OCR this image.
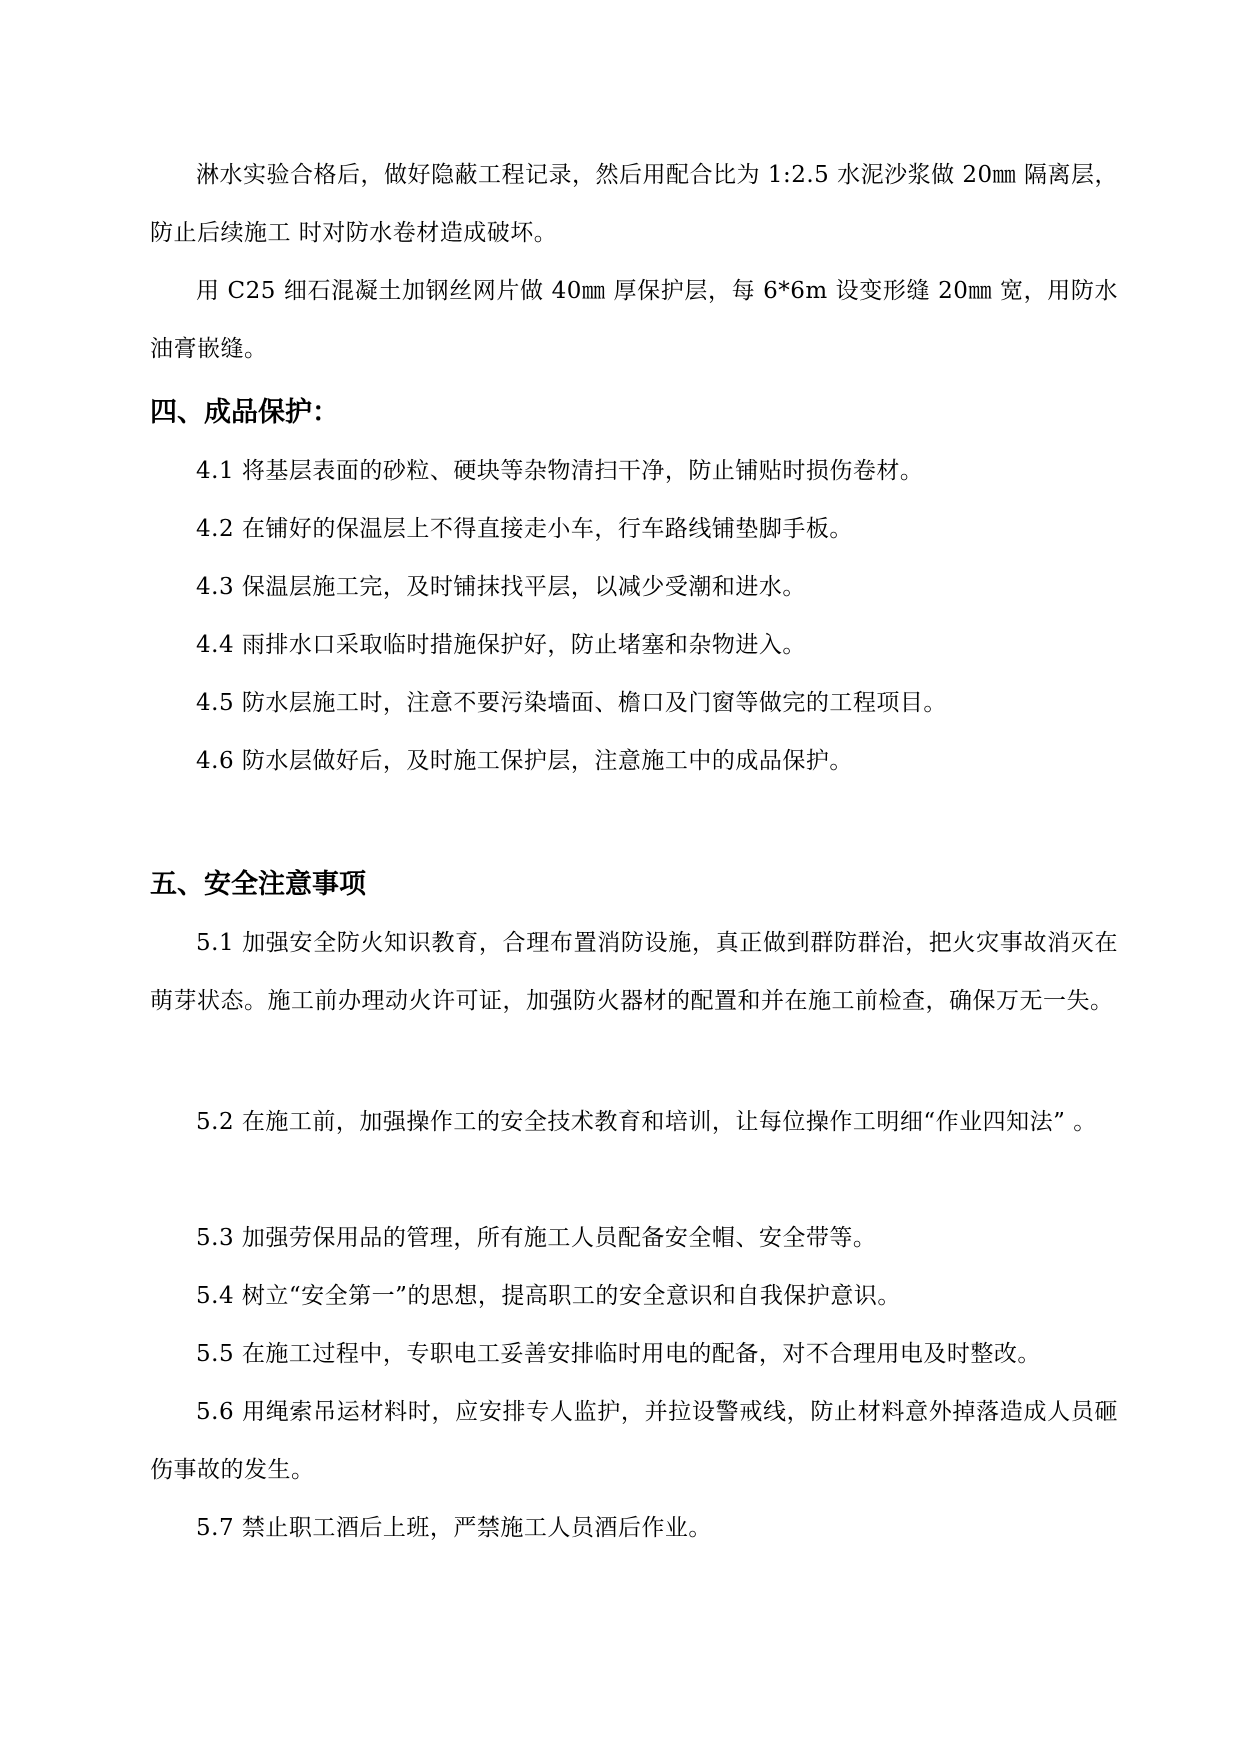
淋水实验合格后，做好隐蔽工程记录，然后用配合比为 1:2.5 水泥沙浆做 20㎜ 隔离层，防止后续施工 时对防水卷材造成破坏。

用 C25 细石混凝土加钢丝网片做 40㎜ 厚保护层，每 6*6m 设变形缝 20㎜ 宽，用防水油膏嵌缝。

四、成品保护：

4.1 将基层表面的砂粒、硬块等杂物清扫干净，防止铺贴时损伤卷材。

4.2 在铺好的保温层上不得直接走小车，行车路线铺垫脚手板。

4.3 保温层施工完，及时铺抹找平层，以减少受潮和进水。

4.4 雨排水口采取临时措施保护好，防止堵塞和杂物进入。

4.5 防水层施工时，注意不要污染墙面、檐口及门窗等做完的工程项目。

4.6 防水层做好后，及时施工保护层，注意施工中的成品保护。

五、安全注意事项

5.1 加强安全防火知识教育，合理布置消防设施，真正做到群防群治，把火灾事故消灭在萌芽状态。施工前办理动火许可证，加强防火器材的配置和并在施工前检查，确保万无一失。

5.2 在施工前，加强操作工的安全技术教育和培训，让每位操作工明细“作业四知法” 。

5.3 加强劳保用品的管理，所有施工人员配备安全帽、安全带等。

5.4 树立“安全第一”的思想，提高职工的安全意识和自我保护意识。

5.5 在施工过程中，专职电工妥善安排临时用电的配备，对不合理用电及时整改。

5.6 用绳索吊运材料时，应安排专人监护，并拉设警戒线，防止材料意外掉落造成人员砸伤事故的发生。

5.7 禁止职工酒后上班，严禁施工人员酒后作业。
